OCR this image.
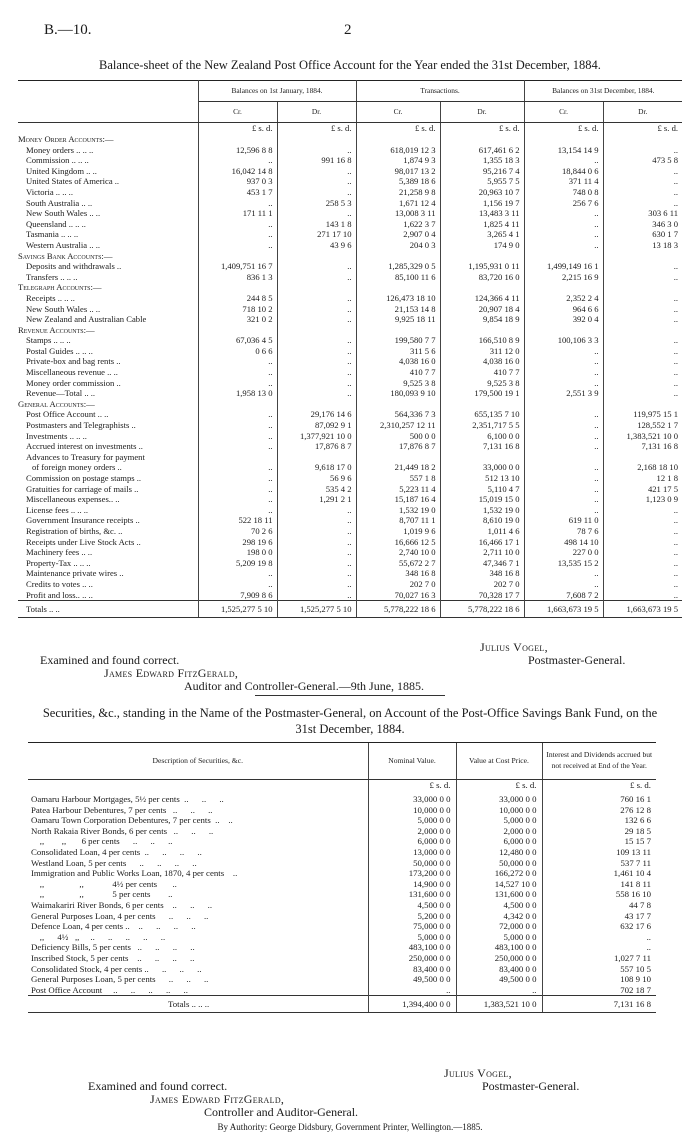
B.—10.	2
Balance-sheet of the New Zealand Post Office Account for the Year ended the 31st December, 1884.
	Balances on 1st January, 1884.		Transactions.		Balances on 31st December, 1884.	
	Cr.	Dr.	Cr.	Dr.	Cr.	Dr.
	£ s. d.	£ s. d.	£ s. d.	£ s. d.	£ s. d.	£ s. d.
Money Order Accounts:—						
Money orders .. .. ..	12,596 8 8	..	618,019 12 3	617,461 6 2	13,154 14 9	..
Commission .. .. ..	..	991 16 8	1,874 9 3	1,355 18 3	..	473 5 8
United Kingdom .. ..	16,042 14 8	..	98,017 13 2	95,216 7 4	18,844 0 6	..
United States of America ..	937 0 3	..	5,389 18 6	5,955 7 5	371 11 4	..
Victoria .. .. ..	453 1 7	..	21,258 9 8	20,963 10 7	748 0 8	..
South Australia .. ..	..	258 5 3	1,671 12 4	1,156 19 7	256 7 6	..
New South Wales .. ..	171 11 1	..	13,008 3 11	13,483 3 11	..	303 6 11
Queensland .. .. ..	..	143 1 8	1,622 3 7	1,825 4 11	..	346 3 0
Tasmania .. .. ..	..	271 17 10	2,907 0 4	3,265 4 1	..	630 1 7
Western Australia .. ..	..	43 9 6	204 0 3	174 9 0	..	13 18 3
Savings Bank Accounts:—						
Deposits and withdrawals ..	1,409,751 16 7	..	1,285,329 0 5	1,195,931 0 11	1,499,149 16 1	..
Transfers .. .. ..	836 1 3	..	85,100 11 6	83,720 16 0	2,215 16 9	..
Telegraph Accounts:—						
Receipts .. .. ..	244 8 5	..	126,473 18 10	124,366 4 11	2,352 2 4	..
New South Wales .. ..	718 10 2	..	21,153 14 8	20,907 18 4	964 6 6	..
New Zealand and Australian Cable	321 0 2	..	9,925 18 11	9,854 18 9	392 0 4	..
Revenue Accounts:—						
Stamps .. .. ..	67,036 4 5	..	199,580 7 7	166,510 8 9	100,106 3 3	..
Postal Guides .. .. ..	0 6 6	..	311 5 6	311 12 0	..	..
Private-box and bag rents ..	..	..	4,038 16 0	4,038 16 0	..	..
Miscellaneous revenue .. ..	..	..	410 7 7	410 7 7	..	..
Money order commission ..	..	..	9,525 3 8	9,525 3 8	..	..
Revenue—Total .. ..	1,958 13 0	..	180,093 9 10	179,500 19 1	2,551 3 9	..
General Accounts:—						
Post Office Account .. ..	..	29,176 14 6	564,336 7 3	655,135 7 10	..	119,975 15 1
Postmasters and Telegraphists ..	..	87,092 9 1	2,310,257 12 11	2,351,717 5 5	..	128,552 1 7
Investments .. .. ..	..	1,377,921 10 0	500 0 0	6,100 0 0	..	1,383,521 10 0
Accrued interest on investments ..	..	17,876 8 7	17,876 8 7	7,131 16 8	..	7,131 16 8
Advances to Treasury for payment						
of foreign money orders ..	..	9,618 17 0	21,449 18 2	33,000 0 0	..	2,168 18 10
Commission on postage stamps ..	..	56 9 6	557 1 8	512 13 10	..	12 1 8
Gratuities for carriage of mails ..	..	535 4 2	5,223 11 4	5,110 4 7	..	421 17 5
Miscellaneous expenses.. ..	..	1,291 2 1	15,187 16 4	15,019 15 0	..	1,123 0 9
License fees .. .. ..	..	..	1,532 19 0	1,532 19 0	..	..
Government Insurance receipts ..	522 18 11	..	8,707 11 1	8,610 19 0	619 11 0	..
Registration of births, &c. ..	70 2 6	..	1,019 9 6	1,011 4 6	78 7 6	..
Receipts under Live Stock Acts ..	298 19 6	..	16,666 12 5	16,466 17 1	498 14 10	..
Machinery fees .. ..	198 0 0	..	2,740 10 0	2,711 10 0	227 0 0	..
Property-Tax .. .. ..	5,209 19 8	..	55,672 2 7	47,346 7 1	13,535 15 2	..
Maintenance private wires ..	..	..	348 16 8	348 16 8	..	..
Credits to votes .. ..	..	..	202 7 0	202 7 0	..	..
Profit and loss.. .. ..	7,909 8 6	..	70,027 16 3	70,328 17 7	7,608 7 2	..
Totals .. ..	1,525,277 5 10	1,525,277 5 10	5,778,222 18 6	5,778,222 18 6	1,663,673 19 5	1,663,673 19 5
Julius Vogel,
Examined and found correct.	Postmaster-General.
James Edward FitzGerald,
Auditor and Controller-General.—9th June, 1885.
Securities, &c., standing in the Name of the Postmaster-General, on Account of the Post-Office Savings Bank Fund, on the 31st December, 1884.
Description of Securities, &c.	Nominal Value.	Value at Cost Price.	Interest and Dividends accrued but not received at End of the Year.
	£ s. d.	£ s. d.	£ s. d.
Oamaru Harbour Mortgages, 5½ per cents  ..      ..      ..	33,000 0 0	33,000 0 0	760 16 1
Patea Harbour Debentures, 7 per cents   ..      ..      ..	10,000 0 0	10,000 0 0	276 12 8
Oamaru Town Corporation Debentures, 7 per cents  ..    ..	5,000 0 0	5,000 0 0	132 6 6
North Rakaia River Bonds, 6 per cents   ..      ..      ..	2,000 0 0	2,000 0 0	29 18 5
,,        ,,       6 per cents      ..      ..      ..	6,000 0 0	6,000 0 0	15 15 7
Consolidated Loan, 4 per cents  ..      ..      ..      ..	13,000 0 0	12,480 0 0	109 13 11
Westland Loan, 5 per cents      ..      ..      ..      ..	50,000 0 0	50,000 0 0	537 7 11
Immigration and Public Works Loan, 1870, 4 per cents    ..	173,200 0 0	166,272 0 0	1,461 10 4
,,                ,,             4½ per cents       ..	14,900 0 0	14,527 10 0	141 8 11
,,                ,,             5 per cents        ..	131,600 0 0	131,600 0 0	558 16 10
Waimakariri River Bonds, 6 per cents    ..      ..      ..	4,500 0 0	4,500 0 0	44 7 8
General Purposes Loan, 4 per cents      ..      ..      ..	5,200 0 0	4,342 0 0	43 17 7
Defence Loan, 4 per cents ..    ..      ..      ..      ..	75,000 0 0	72,000 0 0	632 17 6
,,      4½   ,,     ..      ..      ..      ..      ..	5,000 0 0	5,000 0 0	..
Deficiency Bills, 5 per cents   ..      ..      ..      ..	483,100 0 0	483,100 0 0	..
Inscribed Stock, 5 per cents    ..      ..      ..      ..	250,000 0 0	250,000 0 0	1,027 7 11
Consolidated Stock, 4 per cents ..      ..      ..      ..	83,400 0 0	83,400 0 0	557 10 5
General Purposes Loan, 5 per cents      ..      ..      ..	49,500 0 0	49,500 0 0	108 9 10
Post Office Account     ..      ..      ..      ..      ..	..	..	702 18 7
Totals .. .. ..	1,394,400 0 0	1,383,521 10 0	7,131 16 8
Julius Vogel,
Examined and found correct.	Postmaster-General.
James Edward FitzGerald,
Controller and Auditor-General.
By Authority: George Didsbury, Government Printer, Wellington.—1885.
